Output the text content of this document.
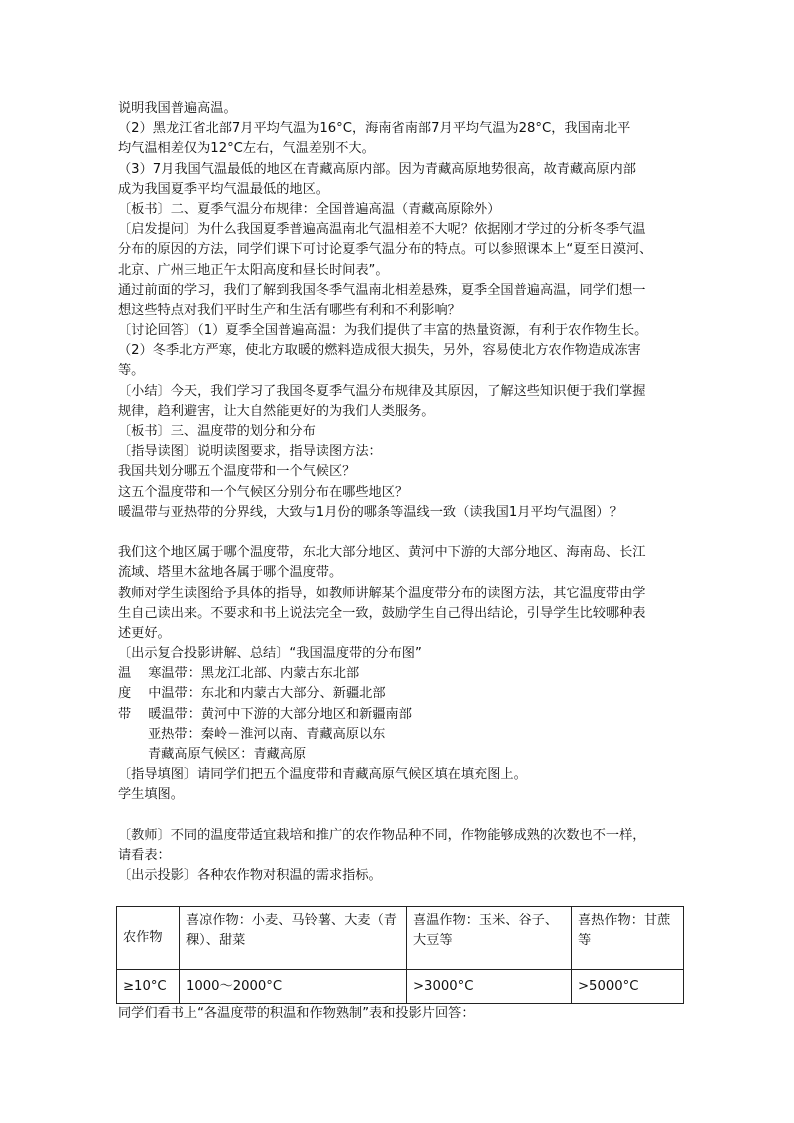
说明我国普遍高温。
（2）黑龙江省北部7月平均气温为16°C，海南省南部7月平均气温为28°C，我国南北平
均气温相差仅为12°C左右，气温差别不大。
（3）7月我国气温最低的地区在青藏高原内部。因为青藏高原地势很高，故青藏高原内部
成为我国夏季平均气温最低的地区。
〔板书〕二、夏季气温分布规律：全国普遍高温（青藏高原除外）
〔启发提问〕为什么我国夏季普遍高温南北气温相差不大呢？依据刚才学过的分析冬季气温
分布的原因的方法，同学们课下可讨论夏季气温分布的特点。可以参照课本上“夏至日漠河、
北京、广州三地正午太阳高度和昼长时间表”。
通过前面的学习，我们了解到我国冬季气温南北相差悬殊，夏季全国普遍高温，同学们想一
想这些特点对我们平时生产和生活有哪些有利和不利影响？
〔讨论回答〕（1）夏季全国普遍高温：为我们提供了丰富的热量资源，有利于农作物生长。
（2）冬季北方严寒，使北方取暖的燃料造成很大损失，另外，容易使北方农作物造成冻害
等。
〔小结〕今天，我们学习了我国冬夏季气温分布规律及其原因，了解这些知识便于我们掌握
规律，趋利避害，让大自然能更好的为我们人类服务。
〔板书〕三、温度带的划分和分布
〔指导读图〕说明读图要求，指导读图方法：
我国共划分哪五个温度带和一个气候区？
这五个温度带和一个气候区分别分布在哪些地区？
暖温带与亚热带的分界线，大致与1月份的哪条等温线一致（读我国1月平均气温图）？
我们这个地区属于哪个温度带，东北大部分地区、黄河中下游的大部分地区、海南岛、长江
流域、塔里木盆地各属于哪个温度带。
教师对学生读图给予具体的指导，如教师讲解某个温度带分布的读图方法，其它温度带由学
生自己读出来。不要求和书上说法完全一致，鼓励学生自己得出结论，引导学生比较哪种表
述更好。
〔出示复合投影讲解、总结〕“我国温度带的分布图”
温 寒温带：黑龙江北部、内蒙古东北部
度 中温带：东北和内蒙古大部分、新疆北部
带 暖温带：黄河中下游的大部分地区和新疆南部
亚热带：秦岭－淮河以南、青藏高原以东
青藏高原气候区：青藏高原
〔指导填图〕请同学们把五个温度带和青藏高原气候区填在填充图上。
学生填图。
〔教师〕不同的温度带适宜栽培和推广的农作物品种不同，作物能够成熟的次数也不一样，
请看表：
〔出示投影〕各种农作物对积温的需求指标。
农作物	喜凉作物：小麦、马铃薯、大麦（青稞）、甜菜	喜温作物：玉米、谷子、大豆等	喜热作物：甘蔗等
≥10°C	1000～2000°C	>3000°C	>5000°C
同学们看书上“各温度带的积温和作物熟制”表和投影片回答：
